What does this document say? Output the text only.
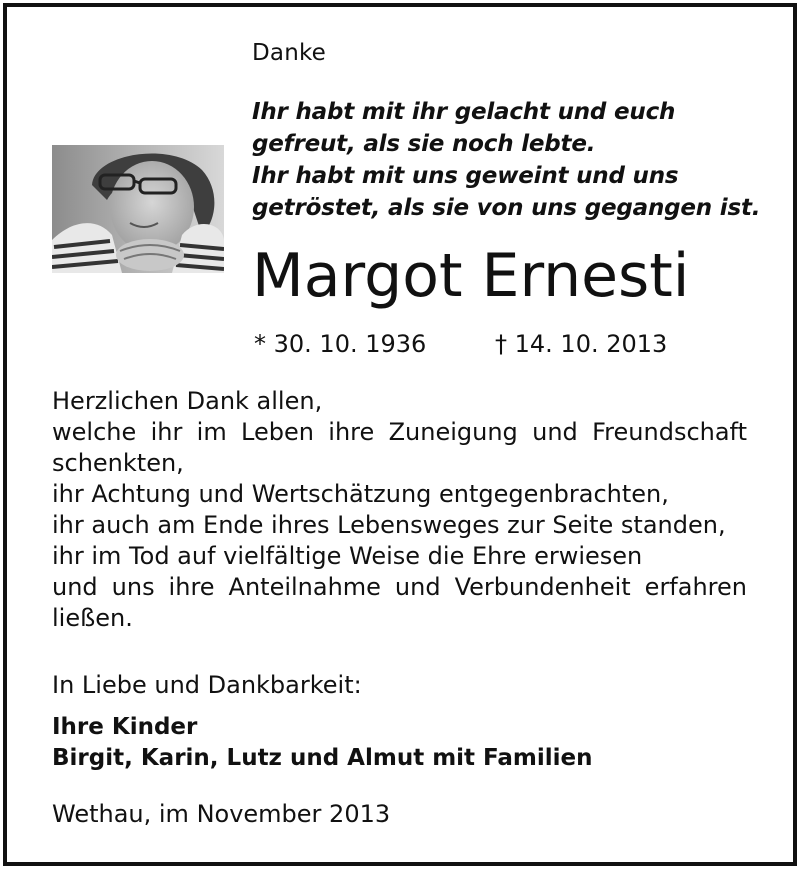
Danke
Ihr habt mit ihr gelacht und euch
gefreut, als sie noch lebte.
Ihr habt mit uns geweint und uns
getröstet, als sie von uns gegangen ist.
Margot Ernesti
* 30. 10. 1936	† 14. 10. 2013
Herzlichen Dank allen,
welche ihr im Leben ihre Zuneigung und Freundschaft
schenkten,
ihr Achtung und Wertschätzung entgegenbrachten,
ihr auch am Ende ihres Lebensweges zur Seite standen,
ihr im Tod auf vielfältige Weise die Ehre erwiesen
und uns ihre Anteilnahme und Verbundenheit erfahren
ließen.
In Liebe und Dankbarkeit:
Ihre Kinder
Birgit, Karin, Lutz und Almut mit Familien
Wethau, im November 2013
